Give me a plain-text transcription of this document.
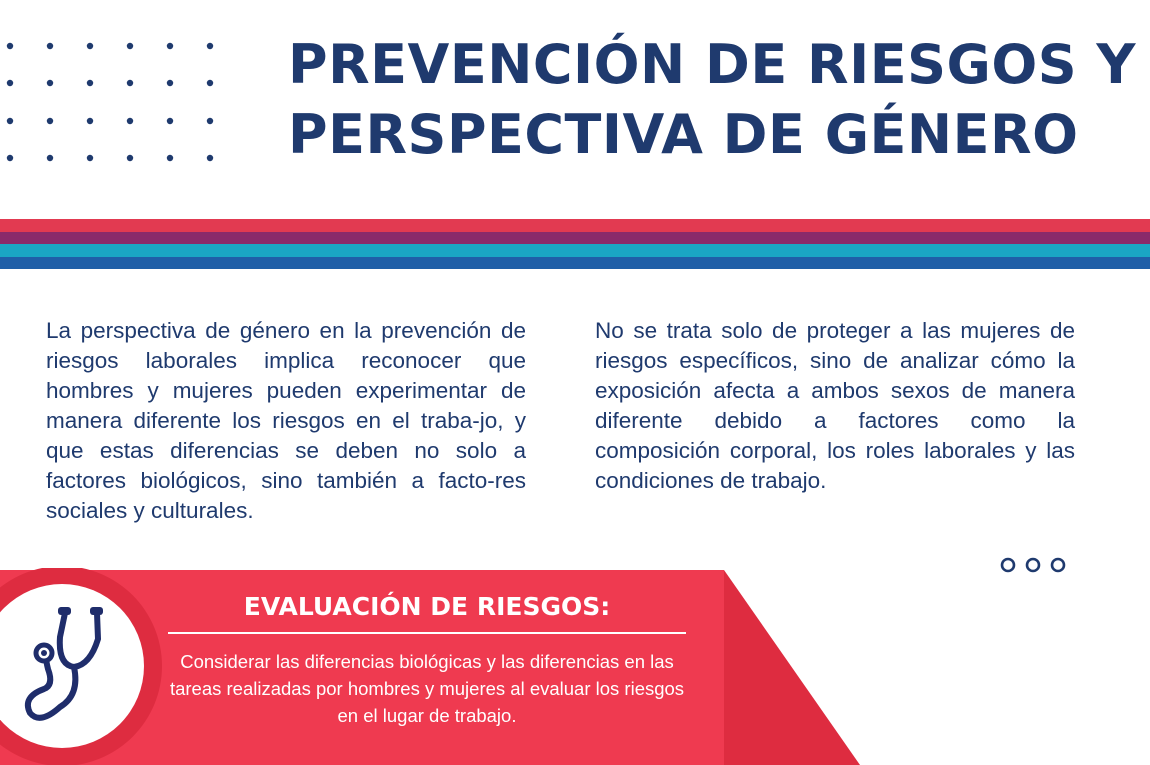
PREVENCIÓN DE RIESGOS Y
PERSPECTIVA DE GÉNERO

La perspectiva de género en la prevención de riesgos laborales implica reconocer que hombres y mujeres pueden experimentar de manera diferente los riesgos en el traba-jo, y que estas diferencias se deben no solo a factores biológicos, sino también a facto-res sociales y culturales.

No se trata solo de proteger a las mujeres de riesgos específicos, sino de analizar cómo la exposición afecta a ambos sexos de manera diferente debido a factores como la composición corporal, los roles laborales y las condiciones de trabajo.

EVALUACIÓN DE RIESGOS:

Considerar las diferencias biológicas y las diferencias en las tareas realizadas por hombres y mujeres al evaluar los riesgos en el lugar de trabajo.
